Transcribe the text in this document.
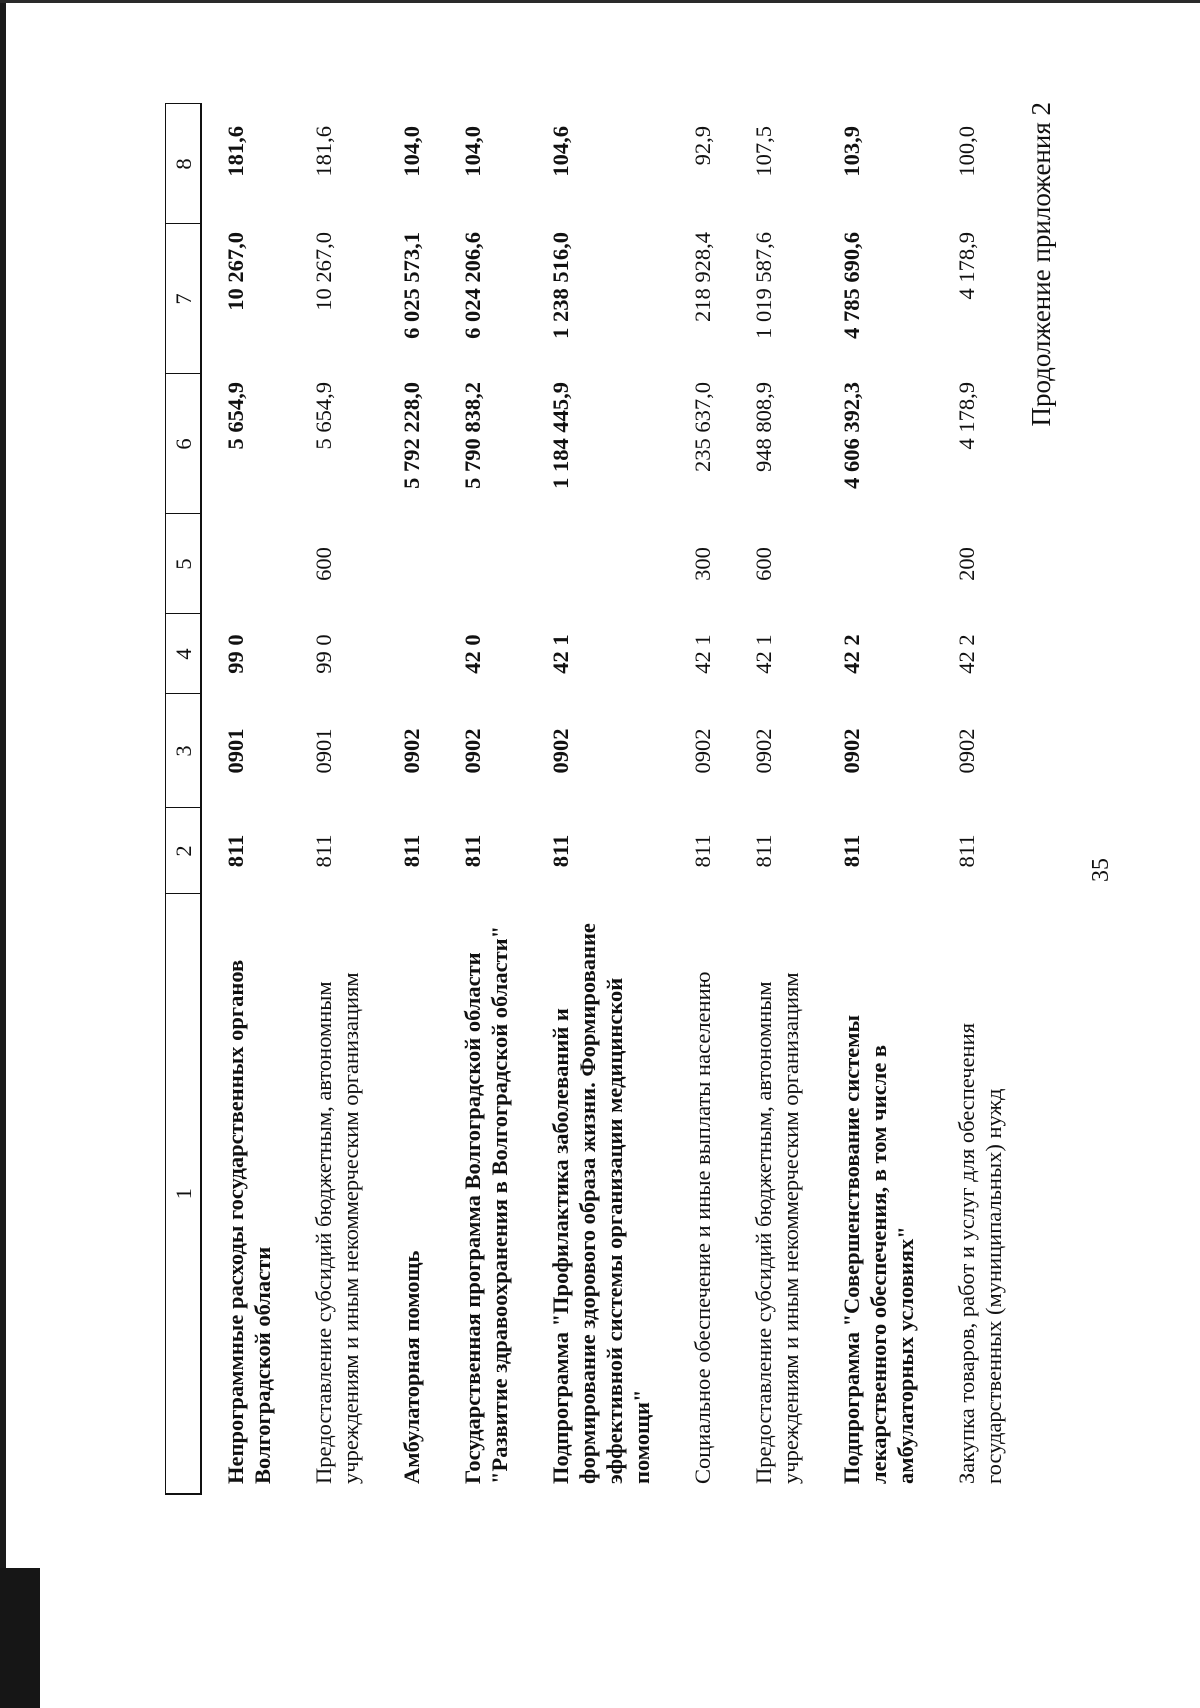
35
Продолжение приложения 2
1	2	3	4	5	6	7	8
Непрограммные расходы государственных органов Волгоградской области	811	0901	99 0		5 654,9	10 267,0	181,6
Предоставление субсидий бюджетным, автономным учреждениям и иным некоммерческим организациям	811	0901	99 0	600	5 654,9	10 267,0	181,6
Амбулаторная помощь	811	0902			5 792 228,0	6 025 573,1	104,0
Государственная программа Волгоградской области "Развитие здравоохранения в Волгоградской области"	811	0902	42 0		5 790 838,2	6 024 206,6	104,0
Подпрограмма "Профилактика заболеваний и формирование здорового образа жизни. Формирование эффективной системы организации медицинской помощи"	811	0902	42 1		1 184 445,9	1 238 516,0	104,6
Социальное обеспечение и иные выплаты населению	811	0902	42 1	300	235 637,0	218 928,4	92,9
Предоставление субсидий бюджетным, автономным учреждениям и иным некоммерческим организациям	811	0902	42 1	600	948 808,9	1 019 587,6	107,5
Подпрограмма "Совершенствование системы лекарственного обеспечения, в том числе в амбулаторных условиях"	811	0902	42 2		4 606 392,3	4 785 690,6	103,9
Закупка товаров, работ и услуг для обеспечения государственных (муниципальных) нужд	811	0902	42 2	200	4 178,9	4 178,9	100,0
